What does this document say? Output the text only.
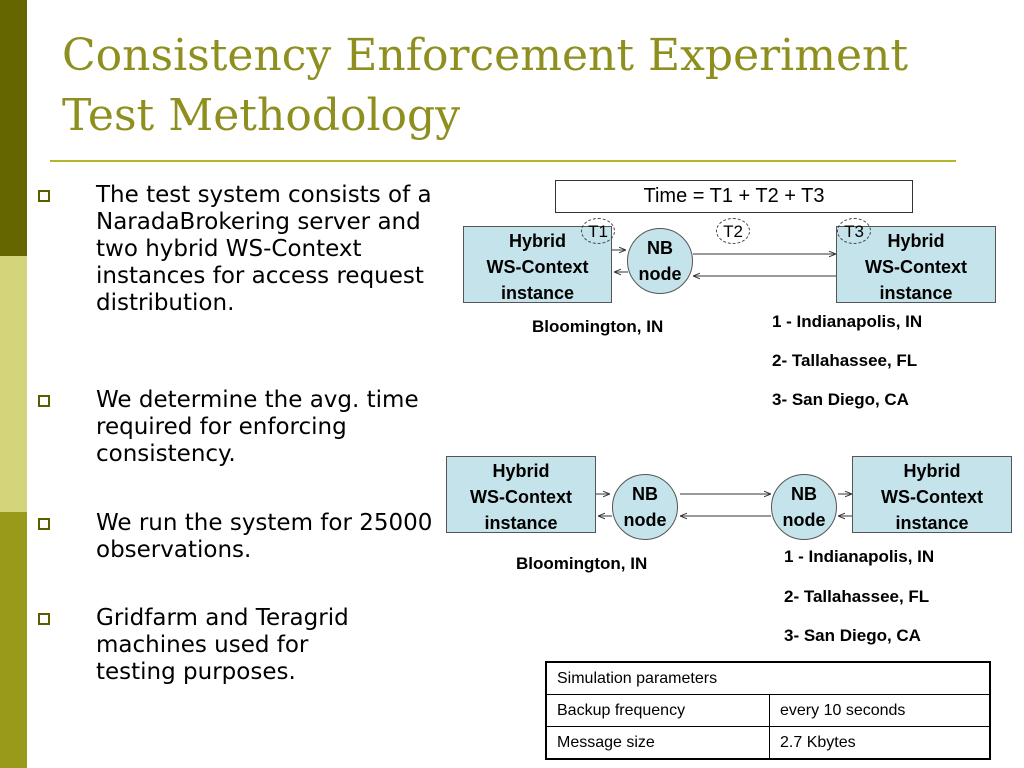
Consistency Enforcement Experiment
Test Methodology
The test system consists of a NaradaBrokering server and two hybrid WS-Context instances for access request distribution.
We determine the avg. time required for enforcing consistency.
We run the system for 25000 observations.
Gridfarm and Teragrid machines used for testing purposes.
Time = T1 + T2 + T3
Hybrid
WS-Context
instance
NB
node
Hybrid
WS-Context
instance
T1	T2	T3
Bloomington, IN	1 - Indianapolis, IN
2- Tallahassee, FL
3- San Diego, CA
Hybrid
WS-Context
instance
NB
node
NB
node
Hybrid
WS-Context
instance
Bloomington, IN	1 - Indianapolis, IN
2- Tallahassee, FL
3- San Diego, CA
Simulation parameters	
Backup frequency	every 10 seconds
Message size	2.7 Kbytes
